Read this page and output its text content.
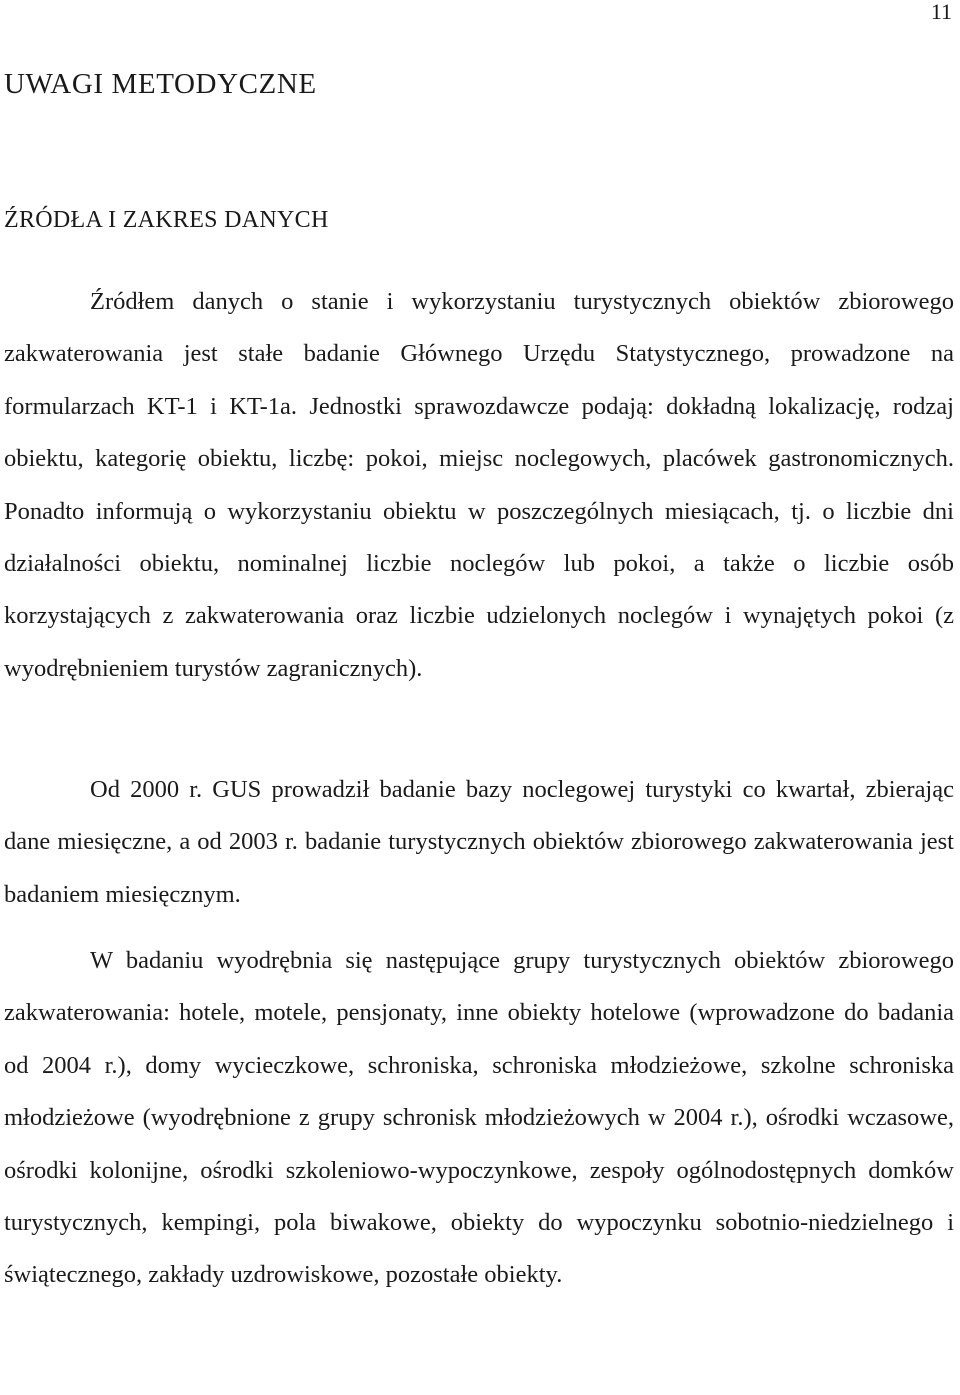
11
UWAGI METODYCZNE
ŹRÓDŁA I ZAKRES DANYCH

Źródłem danych o stanie i wykorzystaniu turystycznych obiektów zbiorowego zakwaterowania jest stałe badanie Głównego Urzędu Statystycznego, prowadzone na formularzach KT-1 i KT-1a. Jednostki sprawozdawcze podają: dokładną lokalizację, rodzaj obiektu, kategorię obiektu, liczbę: pokoi, miejsc noclegowych, placówek gastronomicznych. Ponadto informują o wykorzystaniu obiektu w poszczególnych miesiącach, tj. o liczbie dni działalności obiektu, nominalnej liczbie noclegów lub pokoi, a także o liczbie osób korzystających z zakwaterowania oraz liczbie udzielonych noclegów i wynajętych pokoi (z wyodrębnieniem turystów zagranicznych).

Od 2000 r. GUS prowadził badanie bazy noclegowej turystyki co kwartał, zbierając dane miesięczne, a od 2003 r. badanie turystycznych obiektów zbiorowego zakwaterowania jest badaniem miesięcznym.

W badaniu wyodrębnia się następujące grupy turystycznych obiektów zbiorowego zakwaterowania: hotele, motele, pensjonaty, inne obiekty hotelowe (wprowadzone do badania od 2004 r.), domy wycieczkowe, schroniska, schroniska młodzieżowe, szkolne schroniska młodzieżowe (wyodrębnione z grupy schronisk młodzieżowych w 2004 r.), ośrodki wczasowe, ośrodki kolonijne, ośrodki szkoleniowo-wypoczynkowe, zespoły ogólnodostępnych domków turystycznych, kempingi, pola biwakowe, obiekty do wypoczynku sobotnio-niedzielnego i świątecznego, zakłady uzdrowiskowe, pozostałe obiekty.
